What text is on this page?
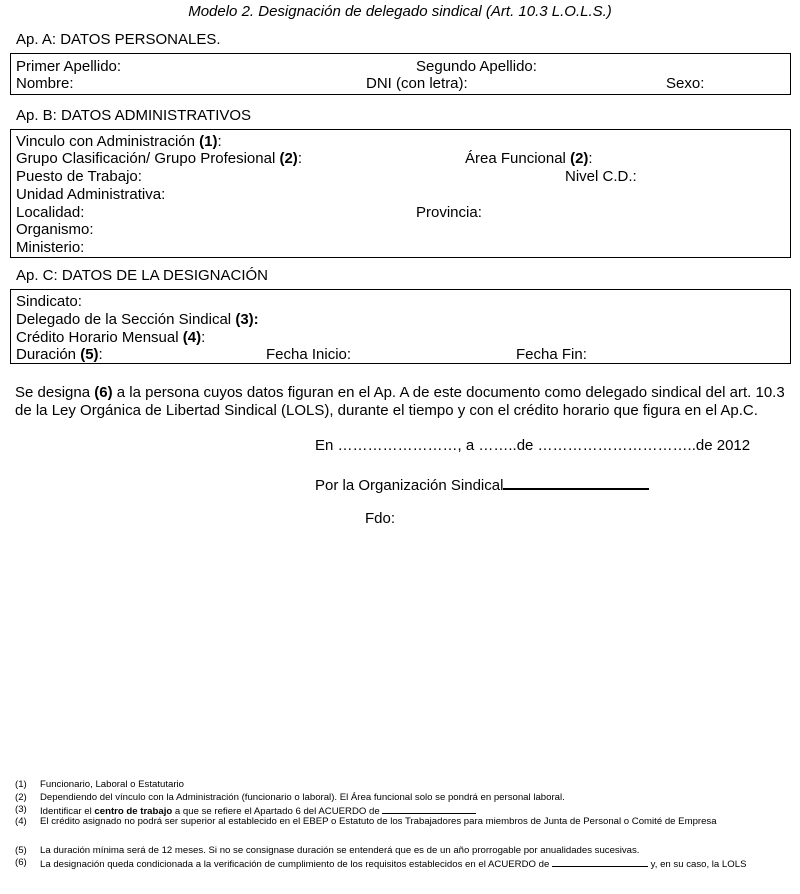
Modelo 2. Designación de delegado sindical (Art. 10.3 L.O.L.S.)
Ap. A: DATOS PERSONALES.
Primer Apellido:	Segundo Apellido:
Nombre:	DNI (con letra):	Sexo:
Ap. B: DATOS ADMINISTRATIVOS
Vinculo con Administración (1):
Grupo Clasificación/ Grupo Profesional (2):	Área Funcional (2):
Puesto de Trabajo:	Nivel C.D.:
Unidad Administrativa:
Localidad:	Provincia:
Organismo:
Ministerio:
Ap. C: DATOS DE LA DESIGNACIÓN
Sindicato:
Delegado de la Sección Sindical (3):
Crédito Horario Mensual (4):
Duración (5):	Fecha Inicio:	Fecha Fin:
Se designa (6) a la persona cuyos datos figuran en el Ap. A de este documento como delegado sindical del art. 10.3 de la Ley Orgánica de Libertad Sindical (LOLS), durante el tiempo y con el crédito horario que figura en el Ap.C.
En ……………………, a ……..de …………………………..de 2012
Por la Organización Sindical
Fdo:
(1) Funcionario, Laboral o Estatutario
(2) Dependiendo del vínculo con la Administración (funcionario o laboral). El Área funcional solo se pondrá en personal laboral.
(3) Identificar el centro de trabajo a que se refiere el Apartado 6 del ACUERDO de
(4) El crédito asignado no podrá ser superior al establecido en el EBEP o Estatuto de los Trabajadores para miembros de Junta de Personal o Comité de Empresa
(5) La duración mínima será de 12 meses. Si no se consignase duración se entenderá que es de un año prorrogable por anualidades sucesivas.
(6) La designación queda condicionada a la verificación de cumplimiento de los requisitos establecidos en el ACUERDO de	y, en su caso, la LOLS
